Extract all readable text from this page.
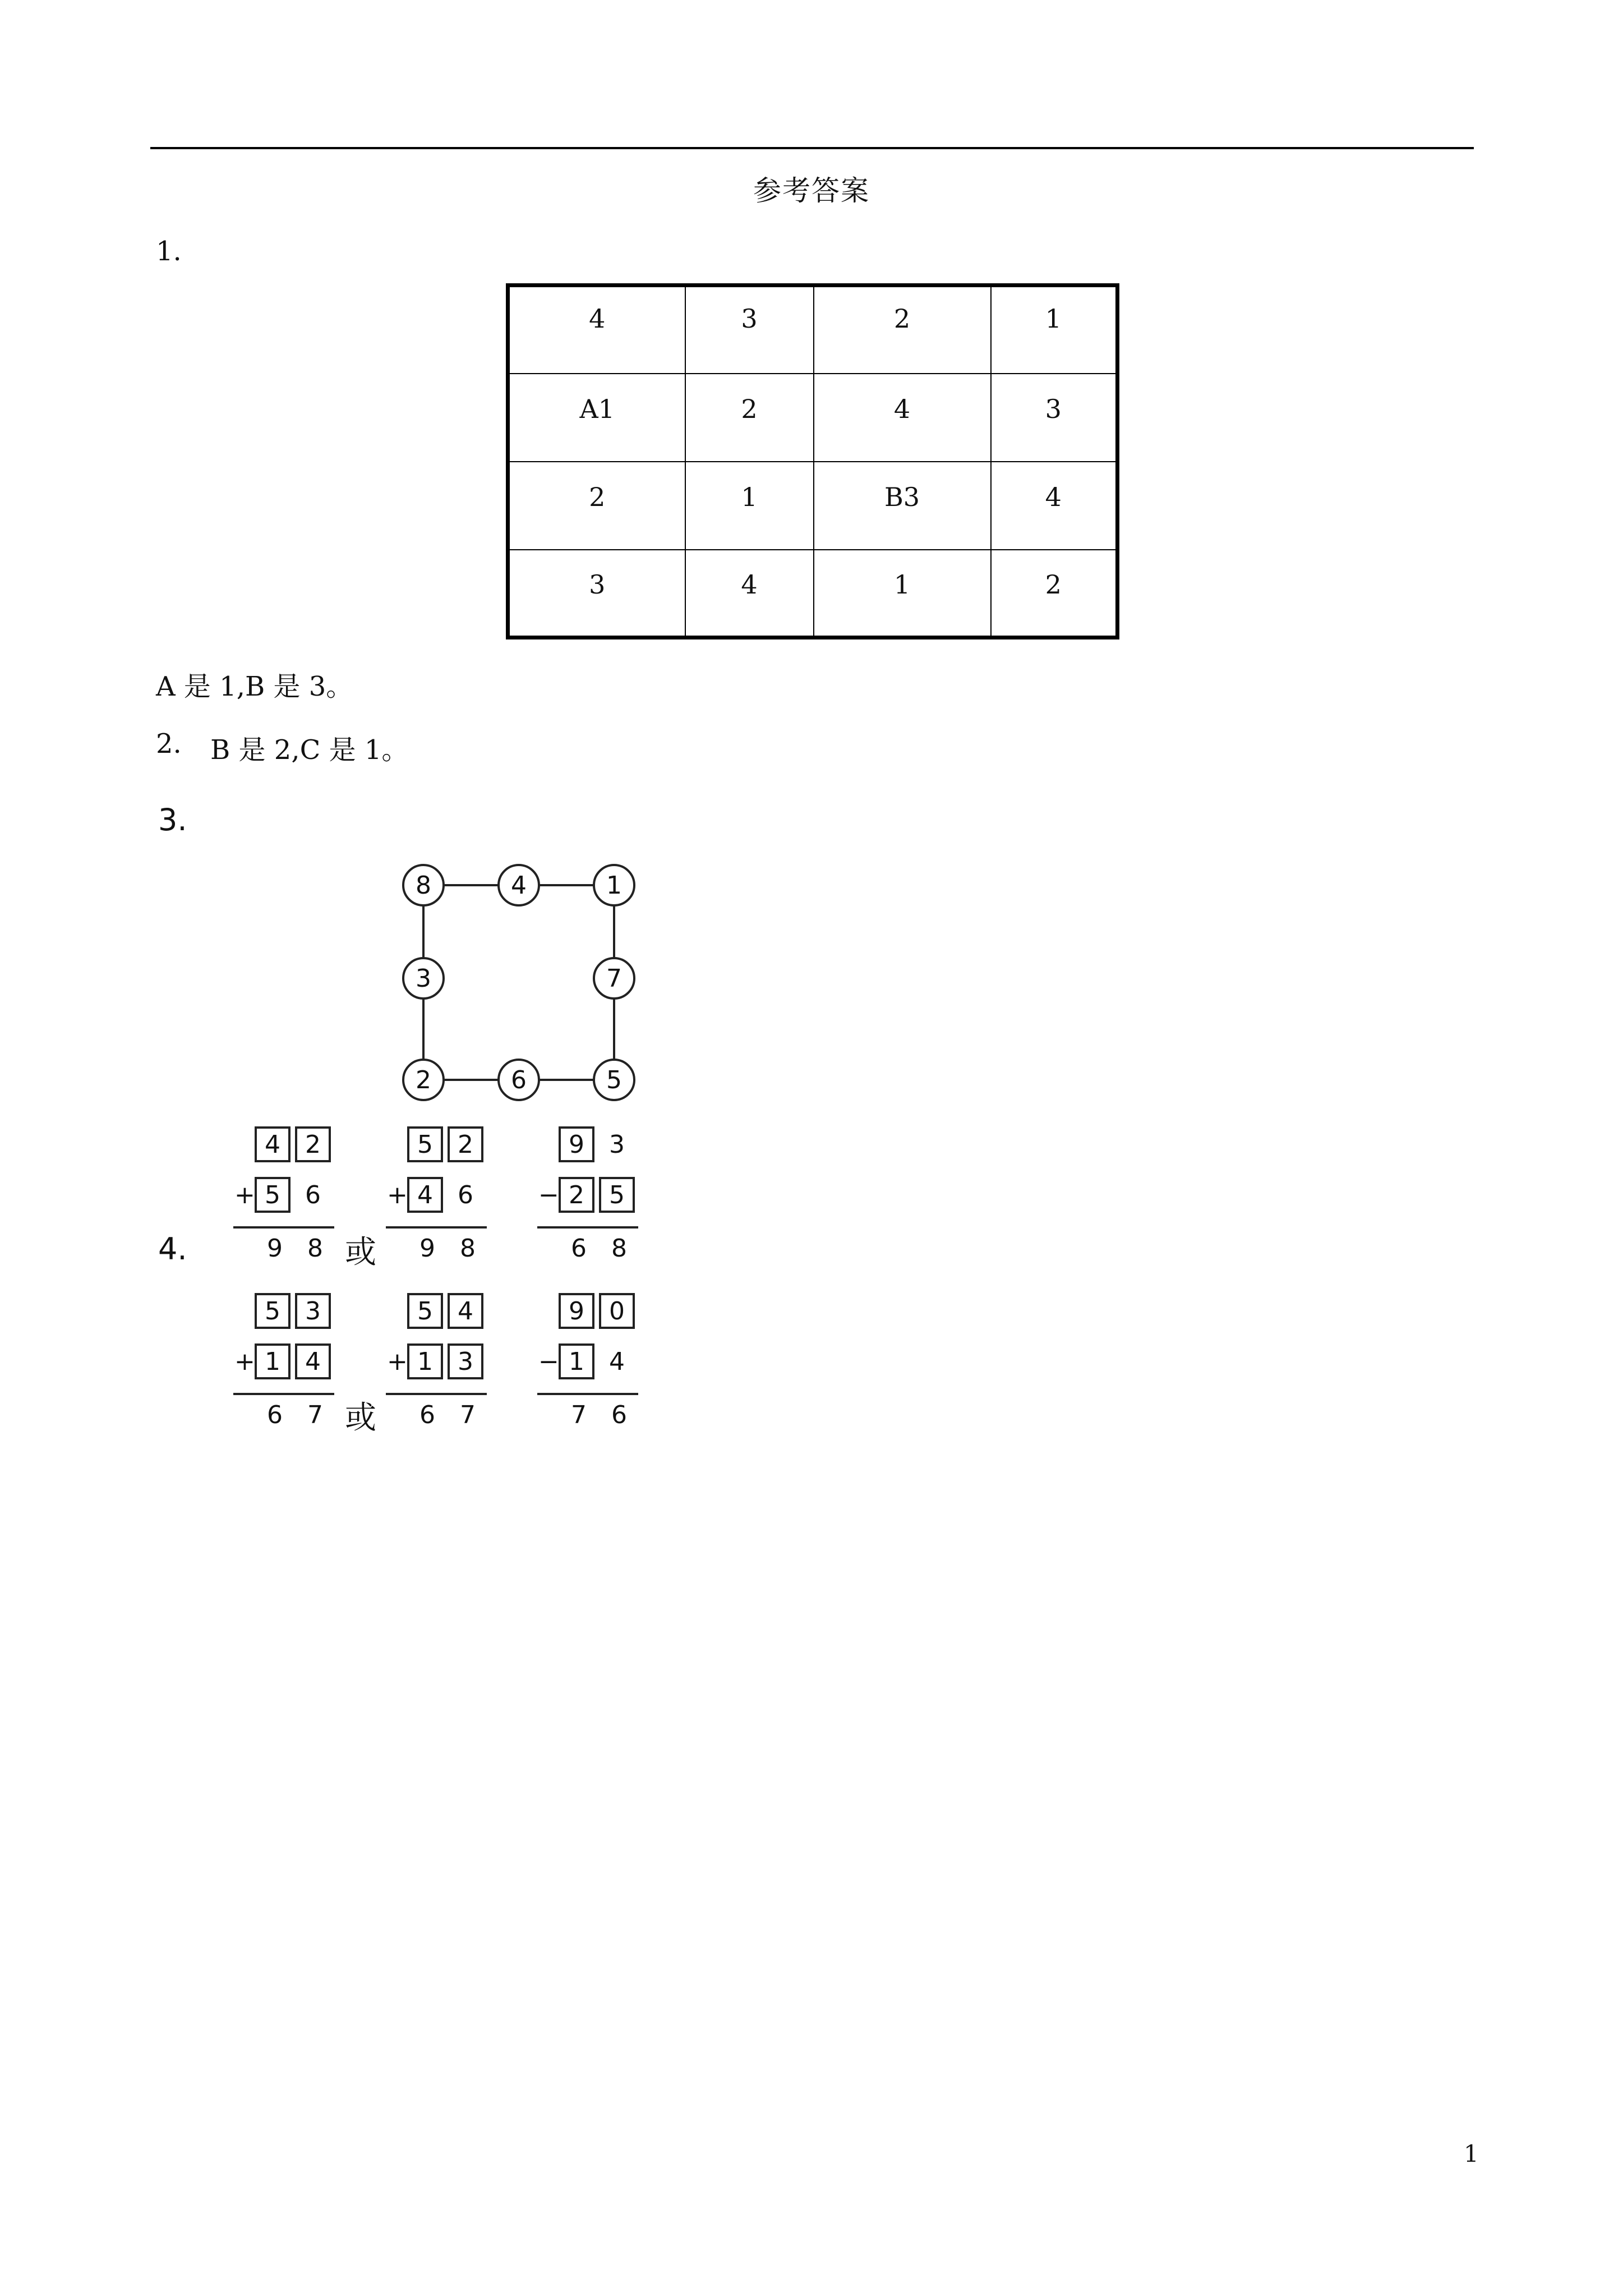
参考答案
1.
4	3	2	1
A1	2	4	3
2	1	B3	4
3	4	1	2
A 是 1,B 是 3。
2. B 是 2,C 是 1。
3.
8	4	1
3	7
2	6	5
4.
4	2
+ 5	6
9	8
5	2
+ 4	6
9	8
9	3
− 2	5
6	8
5	3
+ 1	4
6	7
5	4
+ 1	3
6	7
9	0
− 1	4
7	6
或
或
1
